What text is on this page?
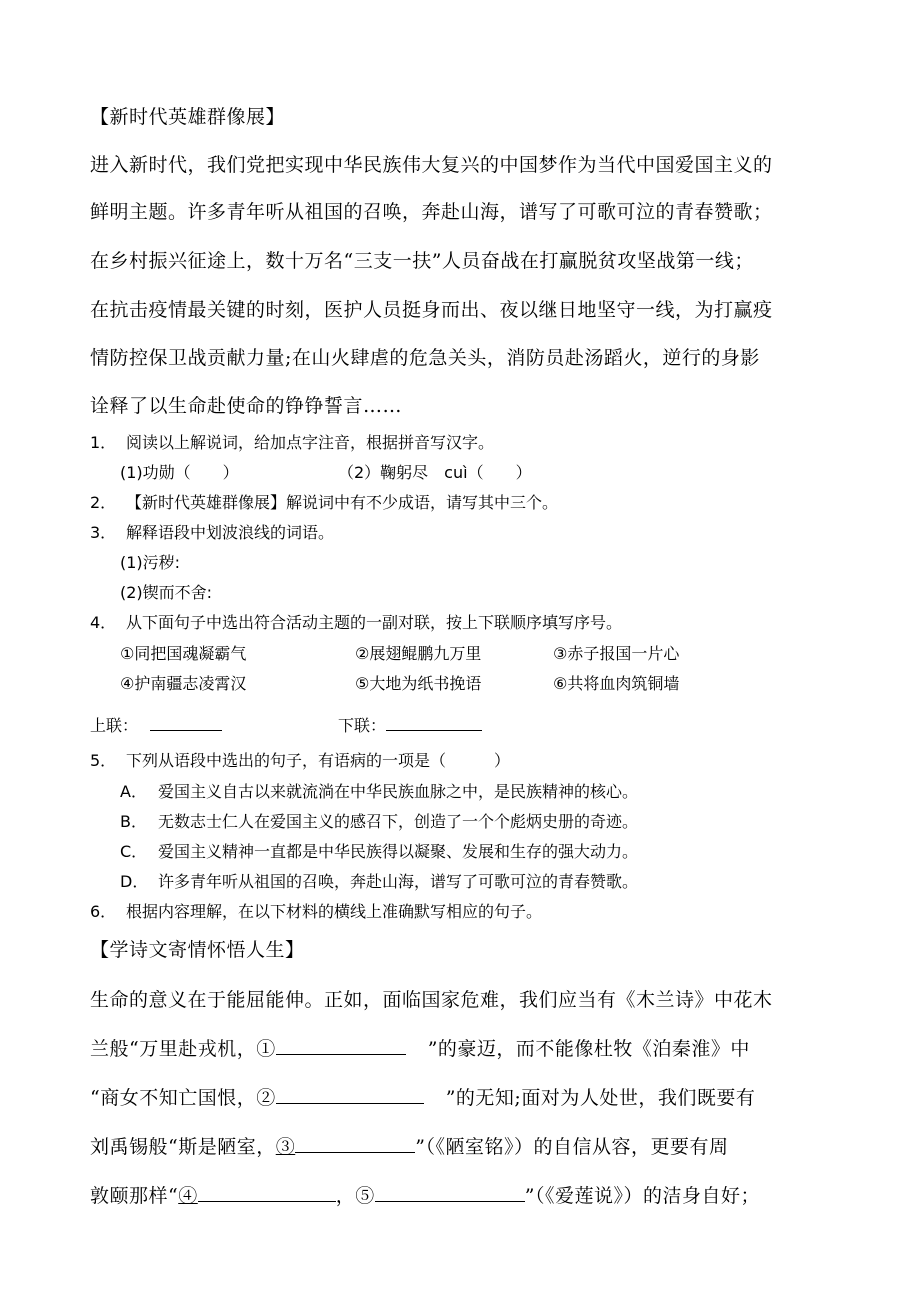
【新时代英雄群像展】
进入新时代，我们党把实现中华民族伟大复兴的中国梦作为当代中国爱国主义的
鲜明主题。许多青年听从祖国的召唤，奔赴山海，谱写了可歌可泣的青春赞歌；
在乡村振兴征途上，数十万名“三支一扶”人员奋战在打赢脱贫攻坚战第一线；
在抗击疫情最关键的时刻，医护人员挺身而出、夜以继日地坚守一线，为打赢疫
情防控保卫战贡献力量;在山火肆虐的危急关头，消防员赴汤蹈火，逆行的身影
诠释了以生命赴使命的铮铮誓言……
1． 阅读以上解说词，给加点字注音，根据拼音写汉字。
(1)功勋（　　）	（2）鞠躬尽　cuì（　　）
2． 【新时代英雄群像展】解说词中有不少成语，请写其中三个。
3． 解释语段中划波浪线的词语。
(1)污秽:
(2)锲而不舍:
4． 从下面句子中选出符合活动主题的一副对联，按上下联顺序填写序号。
①同把国魂凝霸气	②展翅鲲鹏九万里	③赤子报国一片心
④护南疆志凌霄汉	⑤大地为纸书挽语	⑥共将血肉筑铜墙
上联：	下联：
5． 下列从语段中选出的句子，有语病的一项是（　　　）
A． 爱国主义自古以来就流淌在中华民族血脉之中，是民族精神的核心。
B． 无数志士仁人在爱国主义的感召下，创造了一个个彪炳史册的奇迹。
C． 爱国主义精神一直都是中华民族得以凝聚、发展和生存的强大动力。
D． 许多青年听从祖国的召唤，奔赴山海，谱写了可歌可泣的青春赞歌。
6． 根据内容理解，在以下材料的横线上准确默写相应的句子。
【学诗文寄情怀悟人生】
生命的意义在于能屈能伸。正如，面临国家危难，我们应当有《木兰诗》中花木
兰般“万里赴戎机，①	”的豪迈，而不能像杜牧《泊秦淮》中
“商女不知亡国恨，②	”的无知;面对为人处世，我们既要有
刘禹锡般“斯是陋室，③	”（《陋室铭》）的自信从容，更要有周
敦颐那样“④	，⑤	”（《爱莲说》）的洁身自好；
